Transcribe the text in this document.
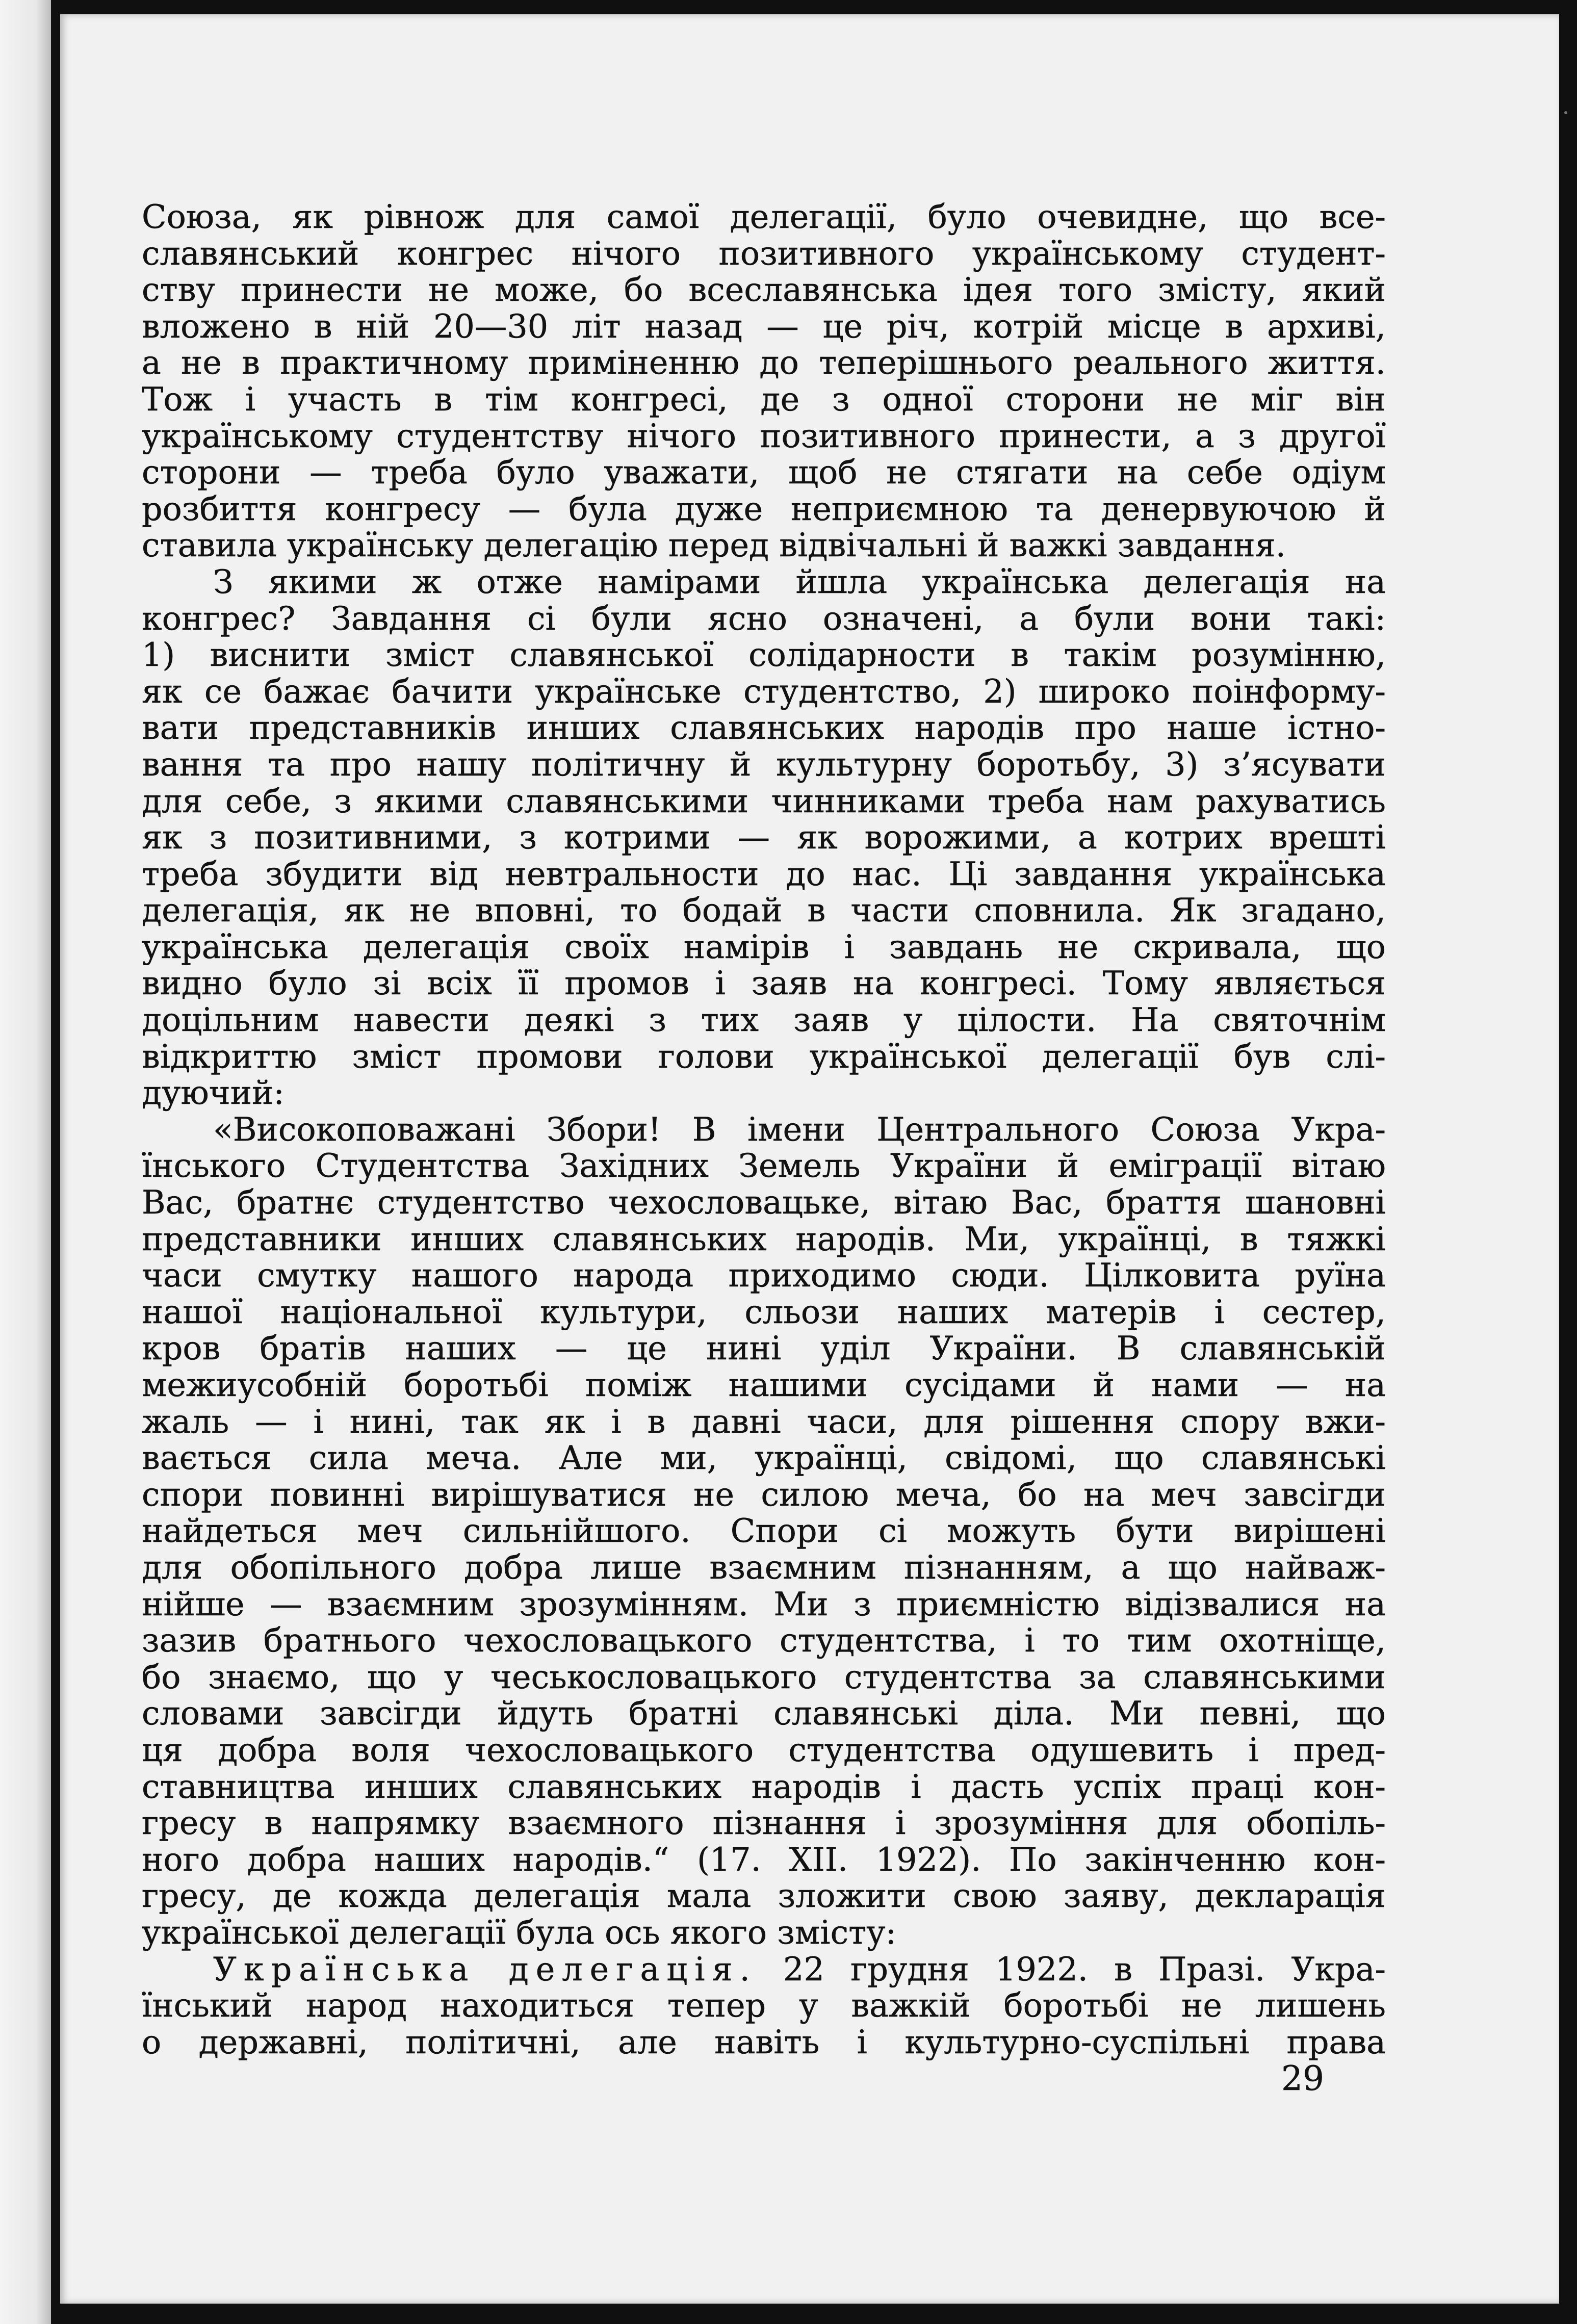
Союза, як рівнож для самої делегації, було очевидне, що все-
славянський конгрес нічого позитивного українському студент-
ству принести не може, бо всеславянська ідея того змісту, який
вложено в ній 20—30 літ назад — це річ, котрій місце в архиві,
а не в практичному приміненню до теперішнього реального життя.
Тож і участь в тім конгресі, де з одної сторони не міг він
українському студентству нічого позитивного принести, а з другої
сторони — треба було уважати, щоб не стягати на себе одіум
розбиття конгресу — була дуже неприємною та денервуючою й
ставила українську делегацію перед відвічальні й важкі завдання.
З якими ж отже намірами йшла українська делегація на
конгрес? Завдання сі були ясно означені, а були вони такі:
1) виснити зміст славянської солідарности в такім розумінню,
як се бажає бачити українське студентство, 2) широко поінформу-
вати представників инших славянських народів про наше істно-
вання та про нашу політичну й культурну боротьбу, 3) з’ясувати
для себе, з якими славянськими чинниками треба нам рахуватись
як з позитивними, з котрими — як ворожими, а котрих врешті
треба збудити від невтральности до нас. Ці завдання українська
делегація, як не вповні, то бодай в части сповнила. Як згадано,
українська делегація своїх намірів і завдань не скривала, що
видно було зі всіх її промов і заяв на конгресі. Тому являється
доцільним навести деякі з тих заяв у цілости. На святочнім
відкриттю зміст промови голови української делегації був слі-
дуючий:
«Високоповажані Збори! В імени Центрального Союза Укра-
їнського Студентства Західних Земель України й еміграції вітаю
Вас, братнє студентство чехословацьке, вітаю Вас, браття шановні
представники инших славянських народів. Ми, українці, в тяжкі
часи смутку нашого народа приходимо сюди. Цілковита руїна
нашої національної культури, сльози наших матерів і сестер,
кров братів наших — це нині уділ України. В славянській
межиусобній боротьбі поміж нашими сусідами й нами — на
жаль — і нині, так як і в давні часи, для рішення спору вжи-
вається сила меча. Але ми, українці, свідомі, що славянські
спори повинні вирішуватися не силою меча, бо на меч завсігди
найдеться меч сильнійшого. Спори сі можуть бути вирішені
для обопільного добра лише взаємним пізнанням, а що найваж-
нійше — взаємним зрозумінням. Ми з приємністю відізвалися на
зазив братнього чехословацького студентства, і то тим охотніще,
бо знаємо, що у чеськословацького студентства за славянськими
словами завсігди йдуть братні славянські діла. Ми певні, що
ця добра воля чехословацького студентства одушевить і пред-
ставництва инших славянських народів і дасть успіх праці кон-
гресу в напрямку взаємного пізнання і зрозуміння для обопіль-
ного добра наших народів.“ (17. XII. 1922). По закінченню кон-
гресу, де кожда делегація мала зложити свою заяву, декларація
української делегації була ось якого змісту:
Українська делегація. 22 грудня 1922. в Празі. Укра-
їнський народ находиться тепер у важкій боротьбі не лишень
о державні, політичні, але навіть і культурно-суспільні права
29
